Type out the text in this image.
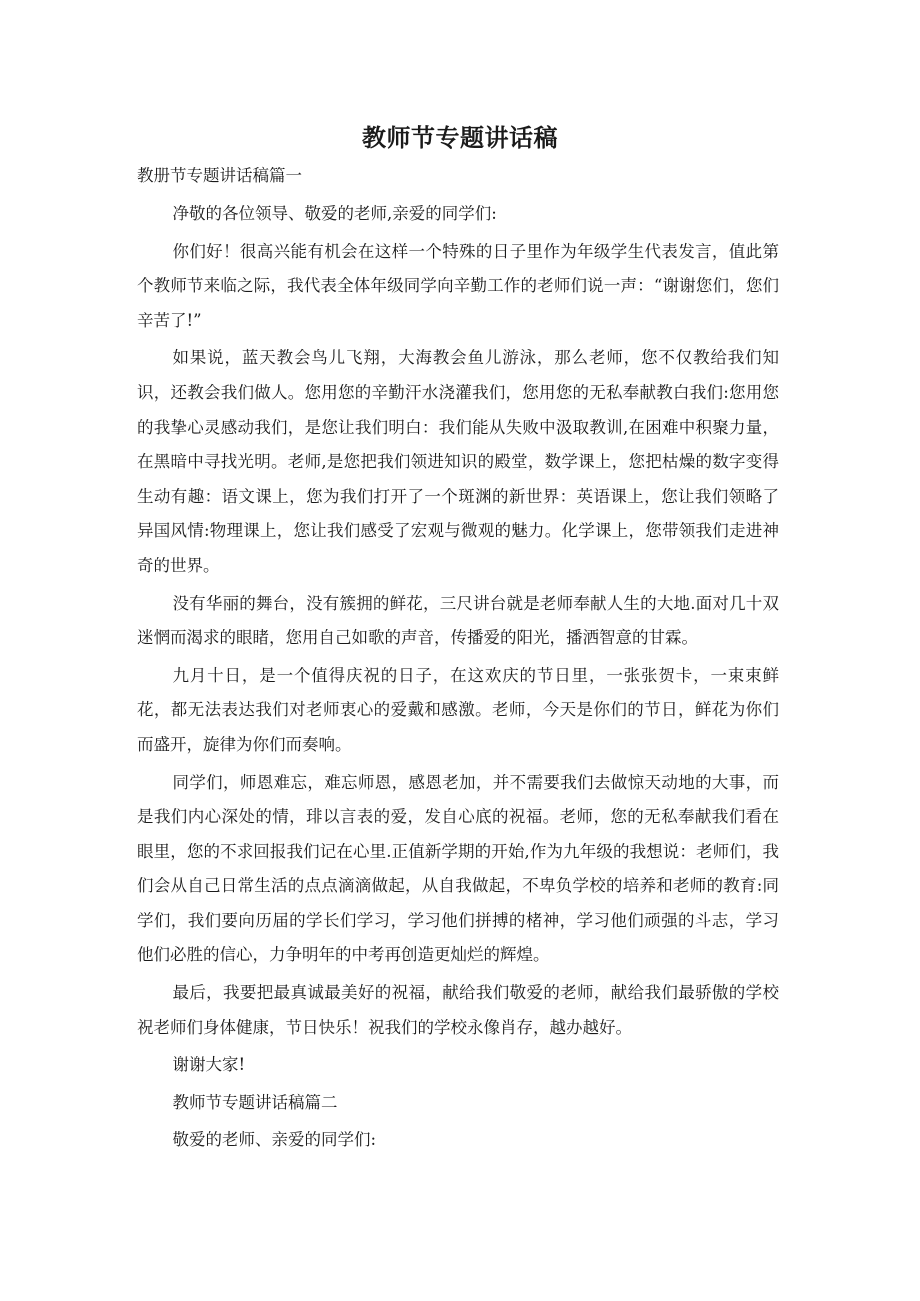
教师节专题讲话稿
教册节专题讲话稿篇一

净敬的各位领导、敬爱的老师,亲爱的同学们:

你们好！很高兴能有机会在这样一个特殊的日子里作为年级学生代表发言，值此第个教师节来临之际，我代表全体年级同学向辛勤工作的老师们说一声：“谢谢您们，您们辛苦了!”

如果说，蓝天教会鸟儿飞翔，大海教会鱼儿游泳，那么老师，您不仅教给我们知识，还教会我们做人。您用您的辛勤汗水浇灌我们，您用您的无私奉献教白我们:您用您的我挚心灵感动我们，是您让我们明白：我们能从失败中汲取教训,在困难中积聚力量，在黑暗中寻找光明。老师,是您把我们领进知识的殿堂，数学课上，您把枯燥的数字变得生动有趣：语文课上，您为我们打开了一个斑渊的新世界：英语课上，您让我们领略了异国风情:物理课上，您让我们感受了宏观与微观的魅力。化学课上，您带领我们走进神奇的世界。

没有华丽的舞台，没有簇拥的鲜花，三尺讲台就是老师奉献人生的大地.面对几十双迷惘而渴求的眼睹，您用自己如歌的声音，传播爱的阳光，播洒智意的甘霖。

九月十日，是一个值得庆祝的日子，在这欢庆的节日里，一张张贺卡，一束束鲜花，都无法表达我们对老师衷心的爱戴和感激。老师，今天是你们的节日，鲜花为你们而盛开，旋律为你们而奏响。

同学们，师恩难忘，难忘师恩，感恩老加，并不需要我们去做惊天动地的大事，而是我们内心深处的情，琲以言表的爱，发自心底的祝福。老师，您的无私奉献我们看在眼里，您的不求回报我们记在心里.正值新学期的开始,作为九年级的我想说：老师们，我们会从自己日常生活的点点滴滴做起，从自我做起，不卑负学校的培养和老师的教育:同学们，我们要向历届的学长们学习，学习他们拼搏的楮神，学习他们顽强的斗志，学习他们必胜的信心，力争明年的中考再创造更灿烂的辉煌。

最后，我要把最真诚最美好的祝福，献给我们敬爱的老师，献给我们最骄傲的学校祝老师们身体健康，节日快乐！祝我们的学校永像肖存，越办越好。

谢谢大家!

教师节专题讲话稿篇二

敬爱的老师、亲爱的同学们:
